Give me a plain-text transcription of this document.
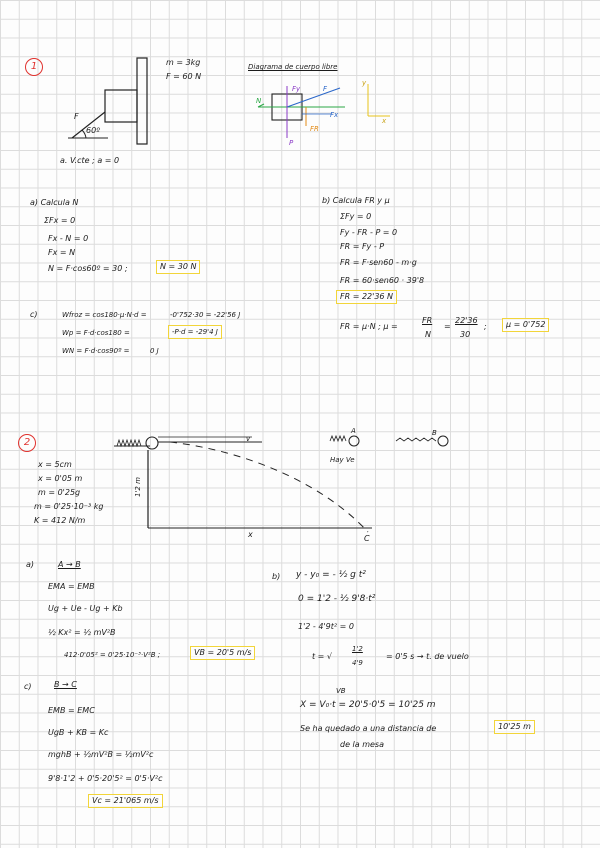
1	m = 3kg
F = 60 N
F
60º
a. V.cte ; a = 0
Diagrama de cuerpo libre
N
Fy	F
Fx
FR
P
y
x
a) Calcula N
ΣFx = 0
Fx - N = 0
Fx = N
N = F·cos60º = 30 ;	N = 30 N
b) Calcula FR y μ
ΣFy = 0
Fy - FR - P = 0
FR = Fy - P
FR = F·sen60 - m·g
FR = 60·sen60 · 39'8
FR = 22'36 N
FR = μ·N ; μ =
FR
N
=
22'36
30
;	μ = 0'752
c)	Wfroz = cos180·μ·N·d =	-0'752·30 = -22'56 J
Wp = F·d·cos180 =	-P·d = -29'4 J
WN = F·d·cos90º =	0 J
2
x = 5cm
x = 0'05 m
m = 0'25g
m = 0'25·10⁻³ kg
K = 412 N/m
1'2 m
v
x	C
A	B
Hay Ve
a)	A → B
EMA = EMB
Ug + Ue - Ug + Kb
½ Kx² = ½ mV²B
412·0'05² = 0'25·10⁻³·V²B ;	VB = 20'5 m/s
b) y - y₀ = - ½ g t²
0 = 1'2 - ½ 9'8·t²
1'2 - 4'9t² = 0
t = √
1'2
4'9
= 0'5 s → t. de vuelo
VB
X = V₀·t = 20'5·0'5 = 10'25 m
Se ha quedado a una distancia de	10'25 m
de la mesa
c)	B → C
EMB = EMC
UgB + KB = Kc
mghB + ½mV²B = ½mV²c
9'8·1'2 + 0'5·20'5² = 0'5·V²c
Vc = 21'065 m/s
